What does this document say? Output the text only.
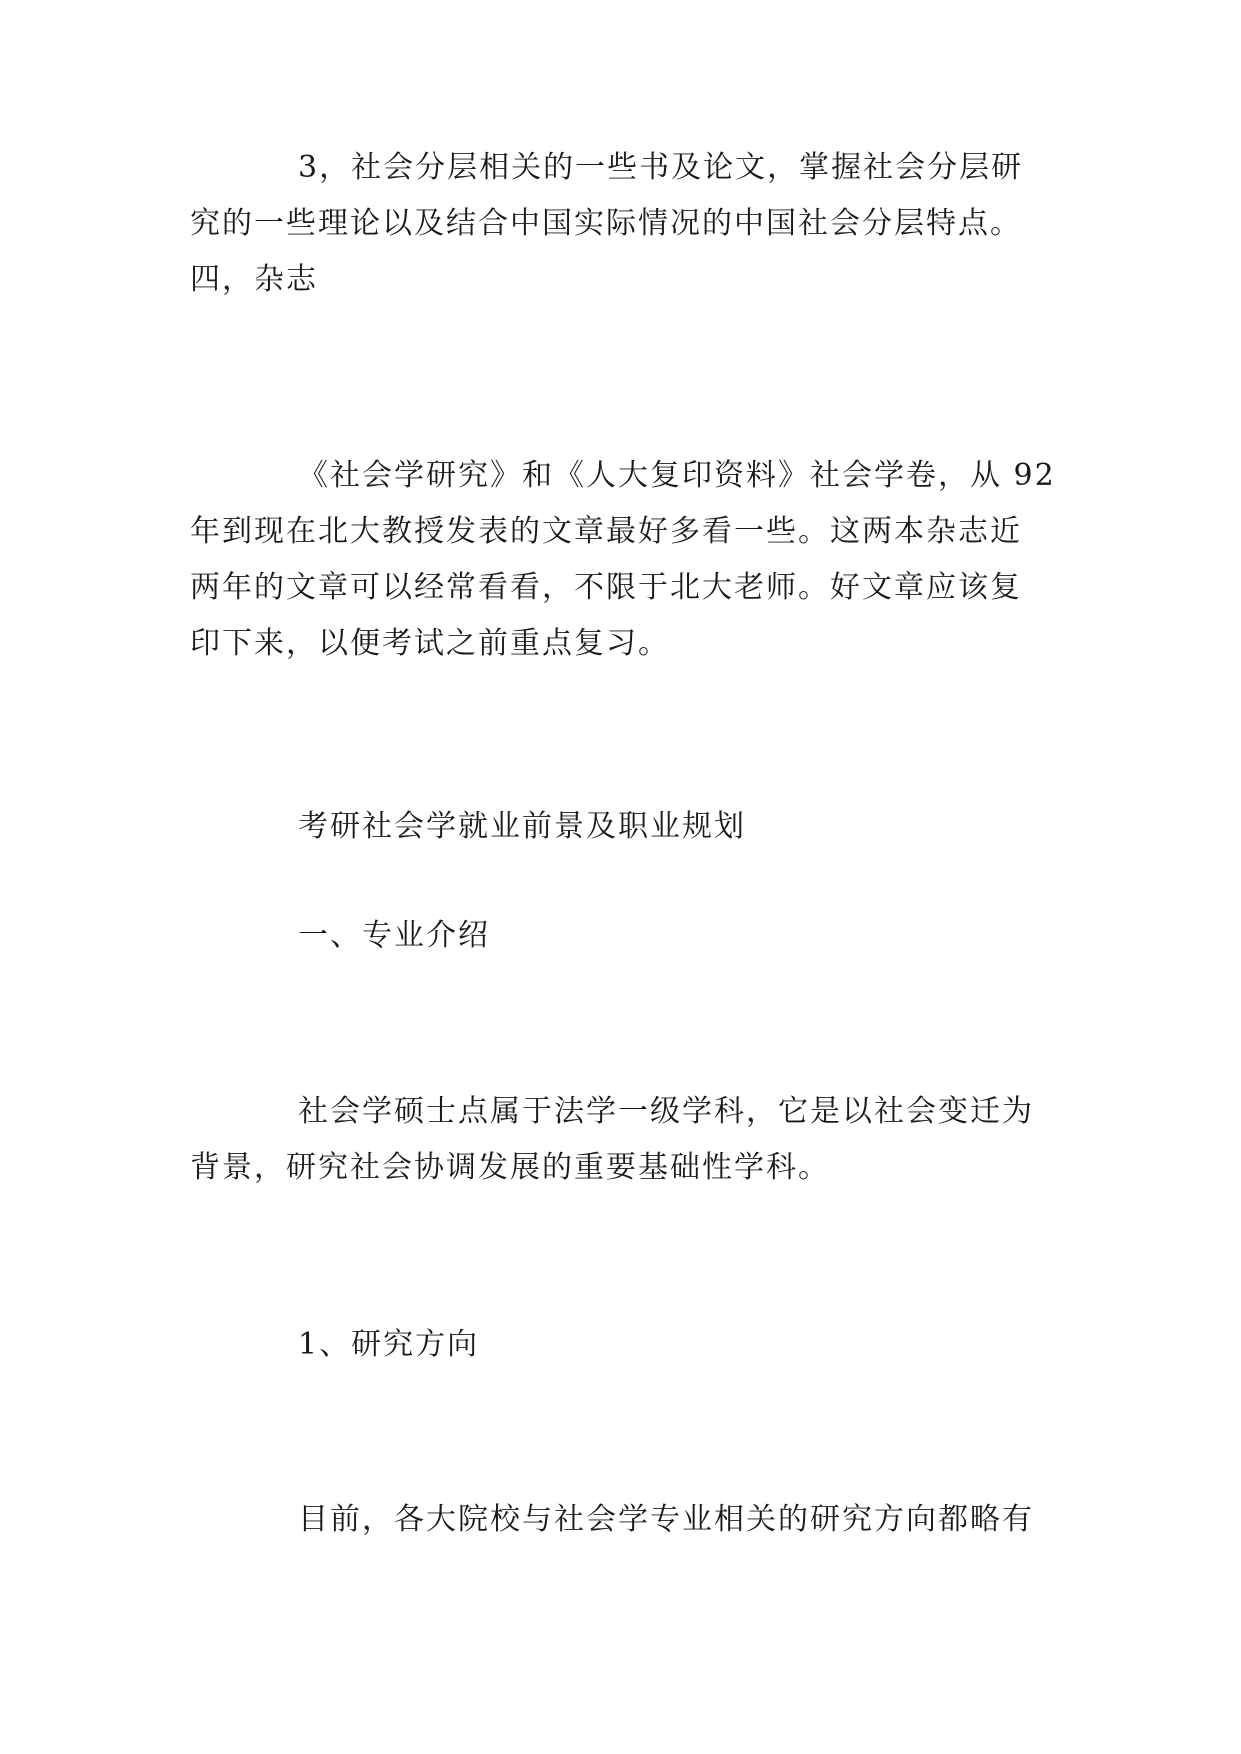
3，社会分层相关的一些书及论文，掌握社会分层研
究的一些理论以及结合中国实际情况的中国社会分层特点。
四，杂志
《社会学研究》和《人大复印资料》社会学卷，从 92
年到现在北大教授发表的文章最好多看一些。这两本杂志近
两年的文章可以经常看看，不限于北大老师。好文章应该复
印下来，以便考试之前重点复习。
考研社会学就业前景及职业规划
一、专业介绍
社会学硕士点属于法学一级学科，它是以社会变迁为
背景，研究社会协调发展的重要基础性学科。
1、研究方向
目前，各大院校与社会学专业相关的研究方向都略有
